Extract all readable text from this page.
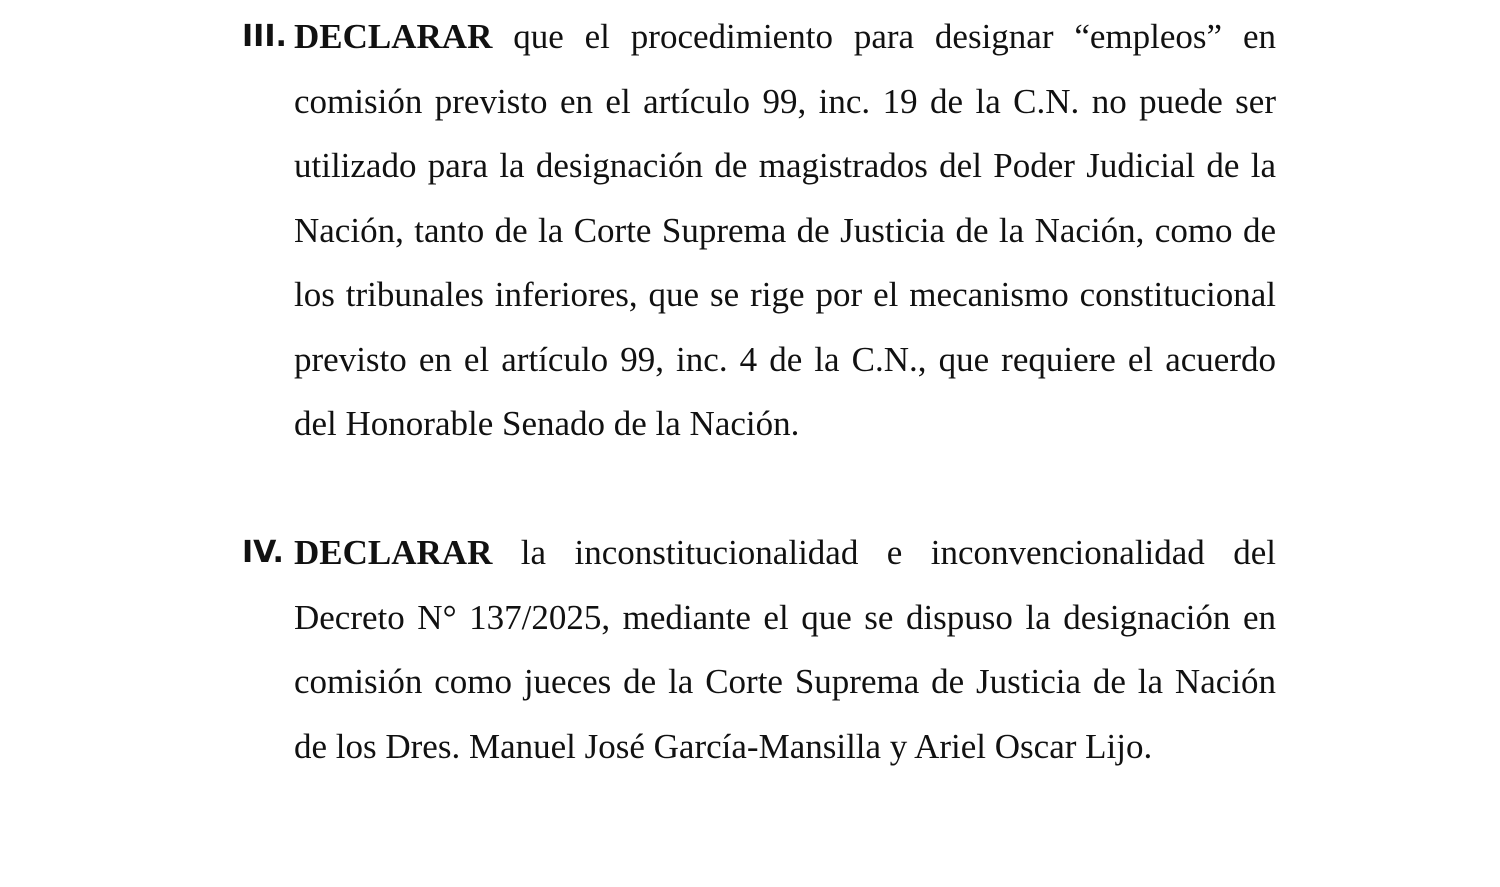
III. DECLARAR que el procedimiento para designar “empleos” en comisión previsto en el artículo 99, inc. 19 de la C.N. no puede ser utilizado para la designación de magistrados del Poder Judicial de la Nación, tanto de la Corte Suprema de Justicia de la Nación, como de los tribunales inferiores, que se rige por el mecanismo constitucional previsto en el artículo 99, inc. 4 de la C.N., que requiere el acuerdo del Honorable Senado de la Nación.
IV. DECLARAR la inconstitucionalidad e inconvencionalidad del Decreto N° 137/2025, mediante el que se dispuso la designación en comisión como jueces de la Corte Suprema de Justicia de la Nación de los Dres. Manuel José García-Mansilla y Ariel Oscar Lijo.
